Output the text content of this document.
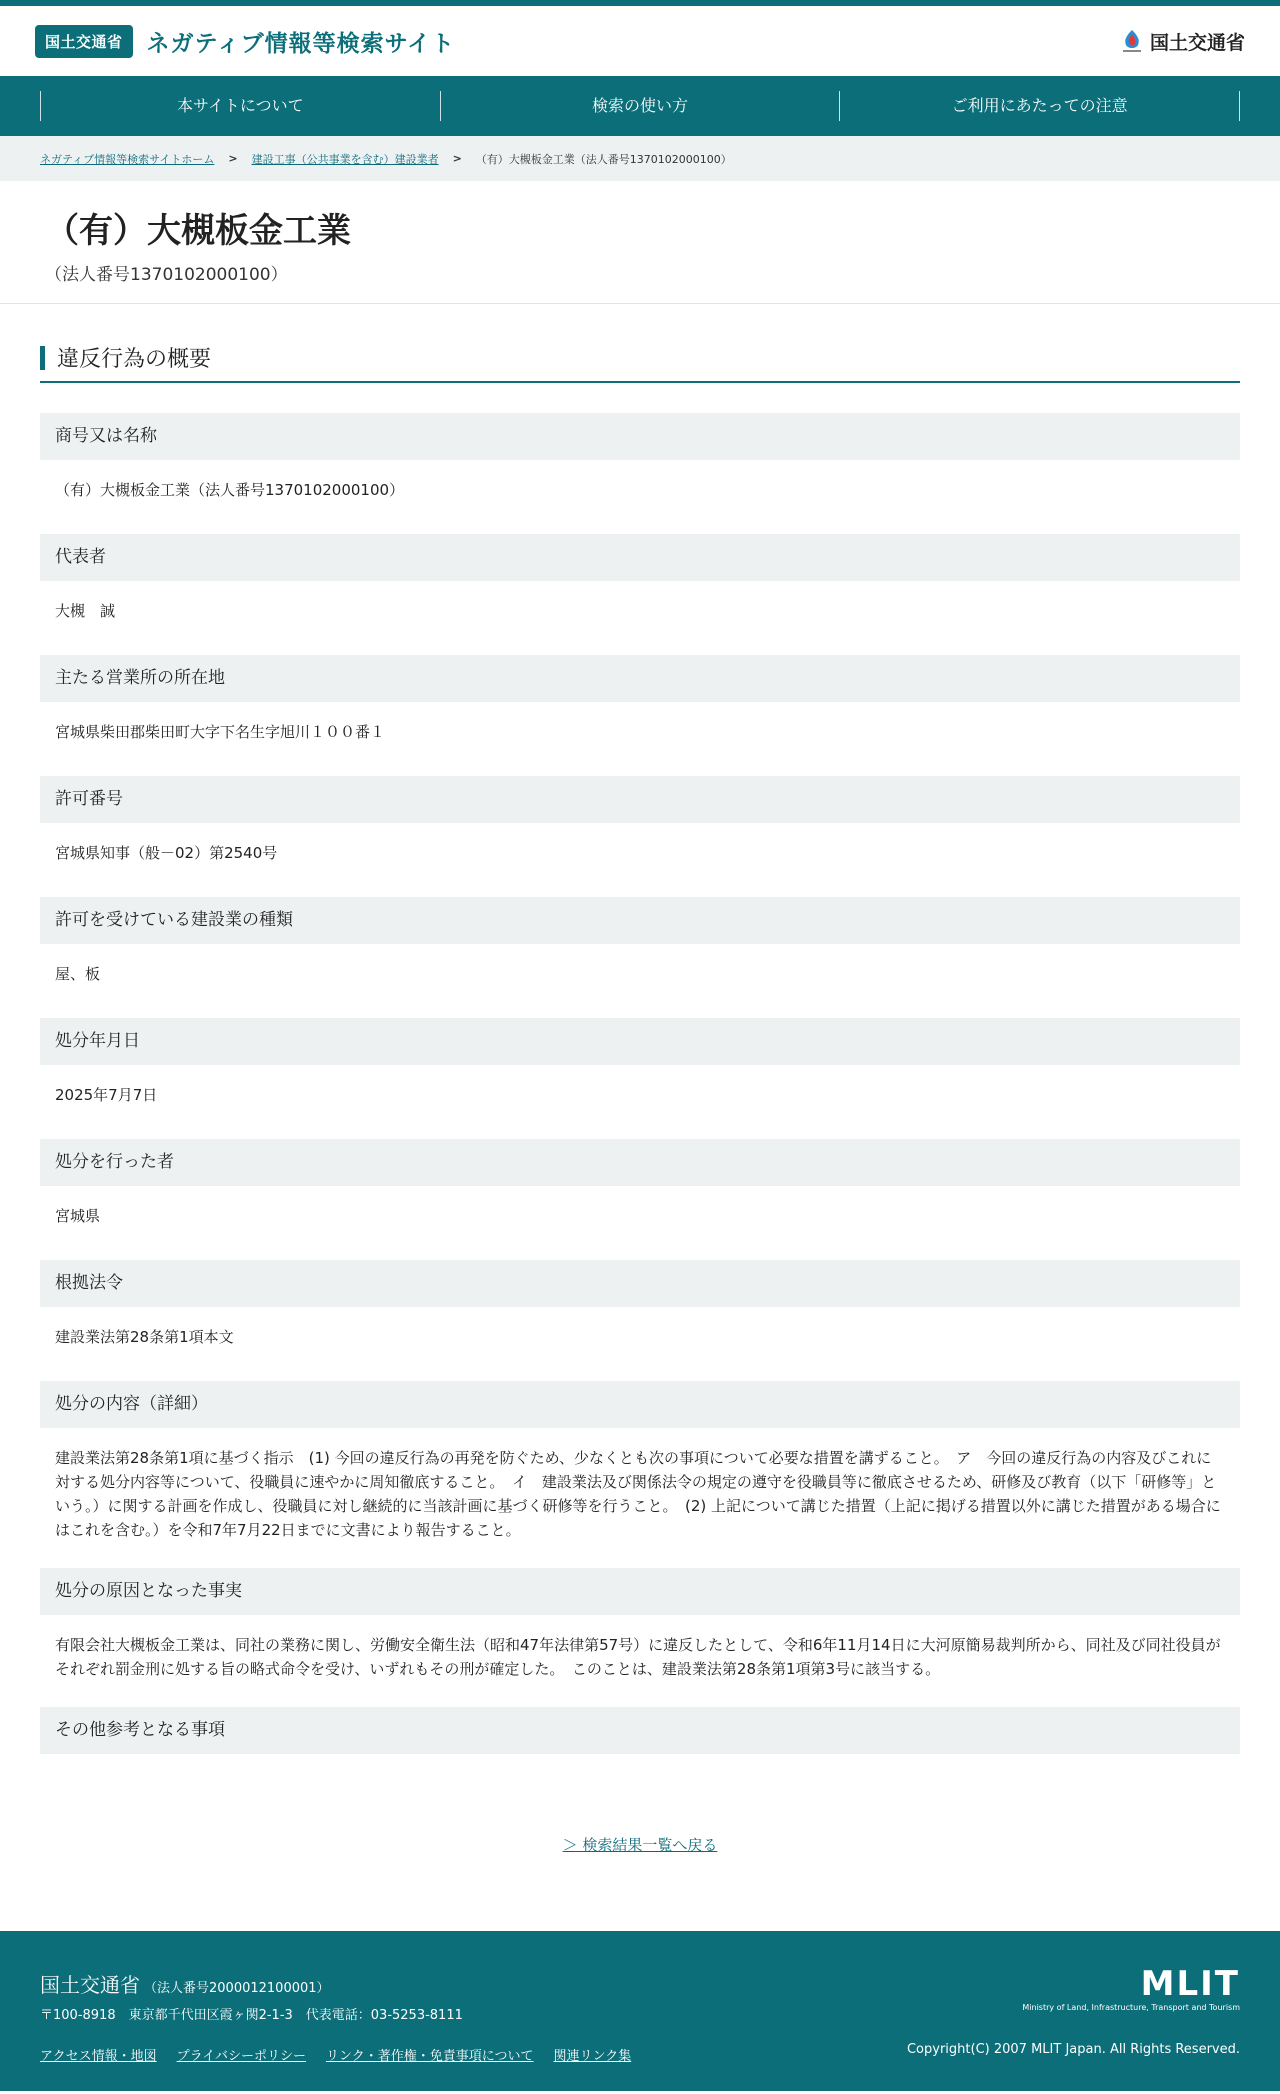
国土交通省	ネガティブ情報等検索サイト	国土交通省
本サイトについて	検索の使い方	ご利用にあたっての注意
ネガティブ情報等検索サイトホーム > 建設工事（公共事業を含む）建設業者 > （有）大槻板金工業（法人番号1370102000100）
（有）大槻板金工業
（法人番号1370102000100）
違反行為の概要
商号又は名称
（有）大槻板金工業（法人番号1370102000100）
代表者
大槻　誠
主たる営業所の所在地
宮城県柴田郡柴田町大字下名生字旭川１００番１
許可番号
宮城県知事（般－02）第2540号
許可を受けている建設業の種類
屋、板
処分年月日
2025年7月7日
処分を行った者
宮城県
根拠法令
建設業法第28条第1項本文
処分の内容（詳細）
建設業法第28条第1項に基づく指示　(1) 今回の違反行為の再発を防ぐため、少なくとも次の事項について必要な措置を講ずること。　ア　今回の違反行為の内容及びこれに対する処分内容等について、役職員に速やかに周知徹底すること。　イ　建設業法及び関係法令の規定の遵守を役職員等に徹底させるため、研修及び教育（以下「研修等」という。）に関する計画を作成し、役職員に対し継続的に当該計画に基づく研修等を行うこと。　(2) 上記について講じた措置（上記に掲げる措置以外に講じた措置がある場合にはこれを含む。）を令和7年7月22日までに文書により報告すること。
処分の原因となった事実
有限会社大槻板金工業は、同社の業務に関し、労働安全衛生法（昭和47年法律第57号）に違反したとして、令和6年11月14日に大河原簡易裁判所から、同社及び同社役員がそれぞれ罰金刑に処する旨の略式命令を受け、いずれもその刑が確定した。　このことは、建設業法第28条第1項第3号に該当する。
その他参考となる事項
＞ 検索結果一覧へ戻る
国土交通省 （法人番号2000012100001）
〒100-8918　東京都千代田区霞ヶ関2-1-3　代表電話：03-5253-8111
アクセス情報・地図 プライバシーポリシー リンク・著作権・免責事項について 関連リンク集
MLIT
Ministry of Land, Infrastructure, Transport and Tourism
Copyright(C) 2007 MLIT Japan. All Rights Reserved.
